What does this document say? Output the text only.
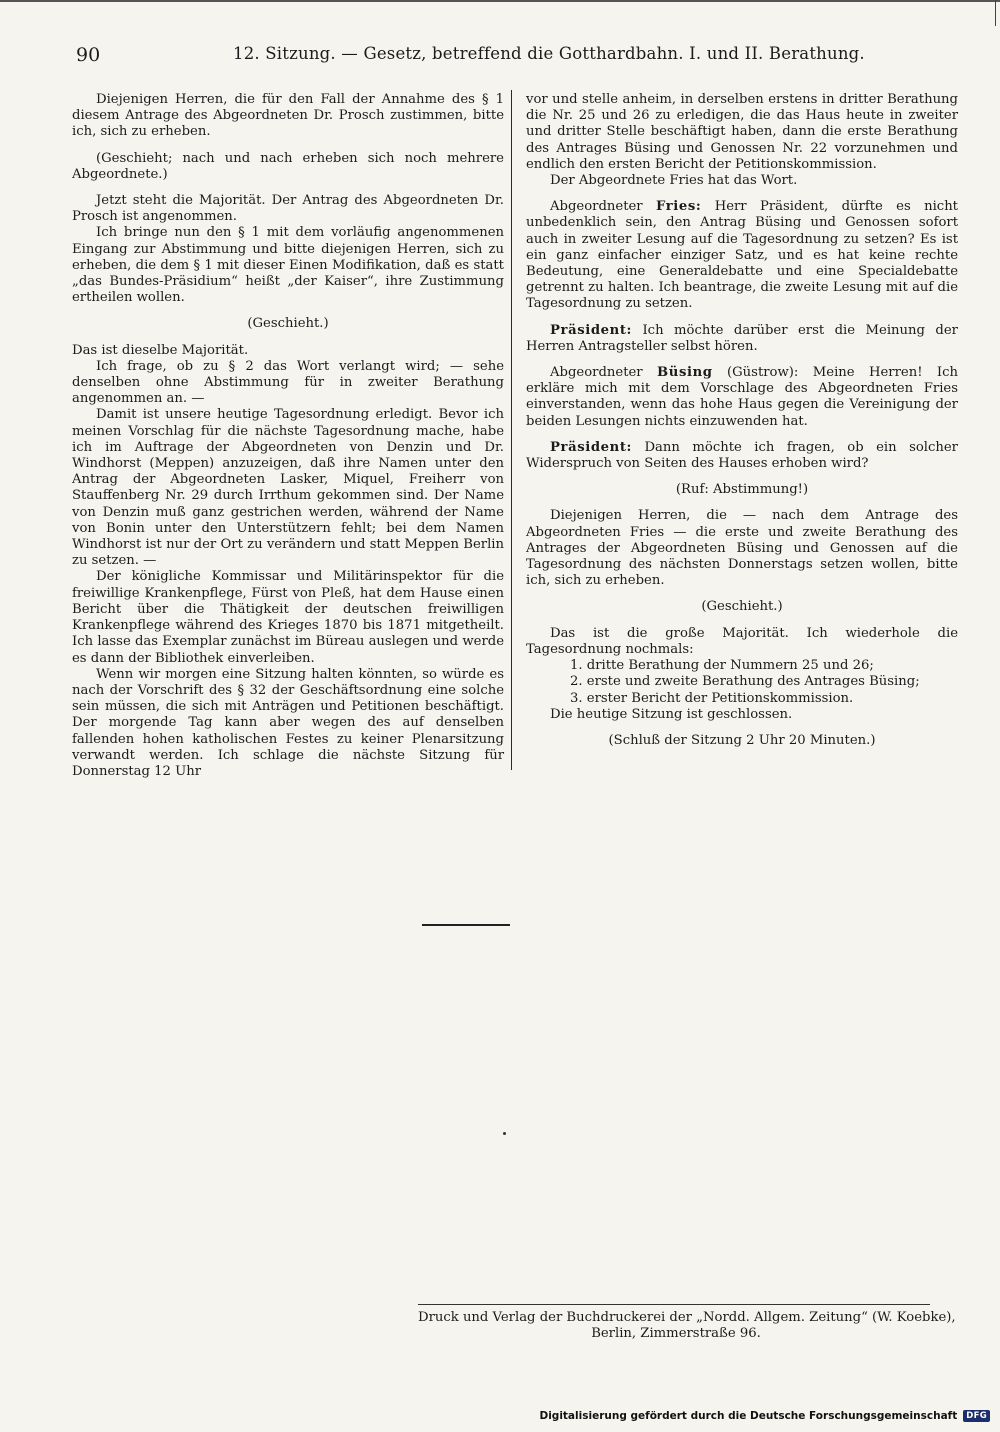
90	12. Sitzung. — Gesetz, betreffend die Gotthardbahn. I. und II. Berathung.

Diejenigen Herren, die für den Fall der Annahme des § 1 diesem Antrage des Abgeordneten Dr. Prosch zustimmen, bitte ich, sich zu erheben.

(Geschieht; nach und nach erheben sich noch mehrere Abgeordnete.)

Jetzt steht die Majorität. Der Antrag des Abgeordneten Dr. Prosch ist angenommen.

Ich bringe nun den § 1 mit dem vorläufig angenommenen Eingang zur Abstimmung und bitte diejenigen Herren, sich zu erheben, die dem § 1 mit dieser Einen Modifikation, daß es statt „das Bundes-Präsidium“ heißt „der Kaiser“, ihre Zustimmung ertheilen wollen.

(Geschieht.)

Das ist dieselbe Majorität.

Ich frage, ob zu § 2 das Wort verlangt wird; — sehe denselben ohne Abstimmung für in zweiter Berathung angenommen an. —

Damit ist unsere heutige Tagesordnung erledigt. Bevor ich meinen Vorschlag für die nächste Tagesordnung mache, habe ich im Auftrage der Abgeordneten von Denzin und Dr. Windhorst (Meppen) anzuzeigen, daß ihre Namen unter den Antrag der Abgeordneten Lasker, Miquel, Freiherr von Stauffenberg Nr. 29 durch Irrthum gekommen sind. Der Name von Denzin muß ganz gestrichen werden, während der Name von Bonin unter den Unterstützern fehlt; bei dem Namen Windhorst ist nur der Ort zu verändern und statt Meppen Berlin zu setzen. —

Der königliche Kommissar und Militärinspektor für die freiwillige Krankenpflege, Fürst von Pleß, hat dem Hause einen Bericht über die Thätigkeit der deutschen freiwilligen Krankenpflege während des Krieges 1870 bis 1871 mitgetheilt. Ich lasse das Exemplar zunächst im Büreau auslegen und werde es dann der Bibliothek einverleiben.

Wenn wir morgen eine Sitzung halten könnten, so würde es nach der Vorschrift des § 32 der Geschäftsordnung eine solche sein müssen, die sich mit Anträgen und Petitionen beschäftigt. Der morgende Tag kann aber wegen des auf denselben fallenden hohen katholischen Festes zu keiner Plenarsitzung verwandt werden. Ich schlage die nächste Sitzung für Donnerstag 12 Uhr

vor und stelle anheim, in derselben erstens in dritter Berathung die Nr. 25 und 26 zu erledigen, die das Haus heute in zweiter und dritter Stelle beschäftigt haben, dann die erste Berathung des Antrages Büsing und Genossen Nr. 22 vorzunehmen und endlich den ersten Bericht der Petitionskommission.

Der Abgeordnete Fries hat das Wort.

Abgeordneter Fries: Herr Präsident, dürfte es nicht unbedenklich sein, den Antrag Büsing und Genossen sofort auch in zweiter Lesung auf die Tagesordnung zu setzen? Es ist ein ganz einfacher einziger Satz, und es hat keine rechte Bedeutung, eine Generaldebatte und eine Specialdebatte getrennt zu halten. Ich beantrage, die zweite Lesung mit auf die Tagesordnung zu setzen.

Präsident: Ich möchte darüber erst die Meinung der Herren Antragsteller selbst hören.

Abgeordneter Büsing (Güstrow): Meine Herren! Ich erkläre mich mit dem Vorschlage des Abgeordneten Fries einverstanden, wenn das hohe Haus gegen die Vereinigung der beiden Lesungen nichts einzuwenden hat.

Präsident: Dann möchte ich fragen, ob ein solcher Widerspruch von Seiten des Hauses erhoben wird?

(Ruf: Abstimmung!)

Diejenigen Herren, die — nach dem Antrage des Abgeordneten Fries — die erste und zweite Berathung des Antrages der Abgeordneten Büsing und Genossen auf die Tagesordnung des nächsten Donnerstags setzen wollen, bitte ich, sich zu erheben.

(Geschieht.)

Das ist die große Majorität. Ich wiederhole die Tagesordnung nochmals:

1. dritte Berathung der Nummern 25 und 26;

2. erste und zweite Berathung des Antrages Büsing;

3. erster Bericht der Petitionskommission.

Die heutige Sitzung ist geschlossen.

(Schluß der Sitzung 2 Uhr 20 Minuten.)

Druck und Verlag der Buchdruckerei der „Nordd. Allgem. Zeitung“ (W. Koebke),
Berlin, Zimmerstraße 96.
Digitalisierung gefördert durch die Deutsche Forschungsgemeinschaft	DFG
